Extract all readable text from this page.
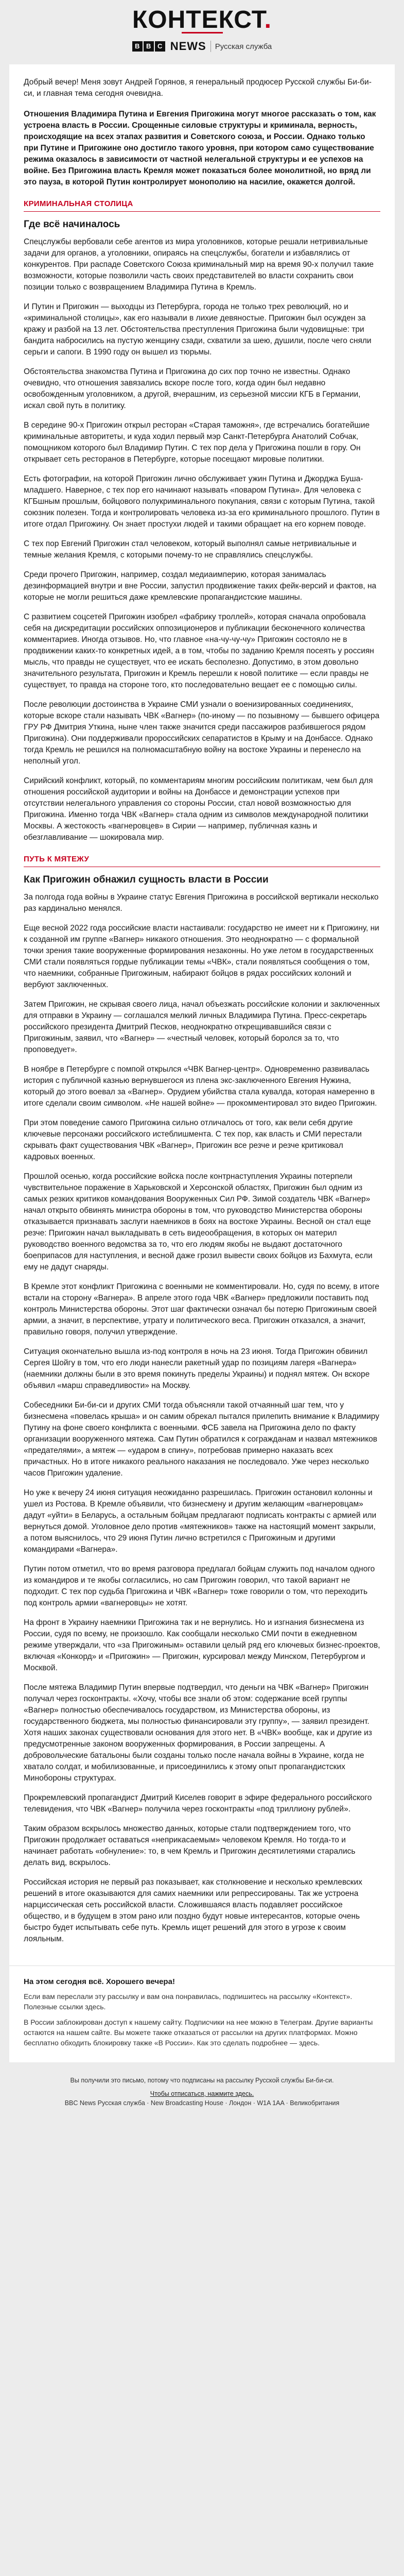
КОНТЕКСТ.
B B C NEWS Русская служба

Добрый вечер! Меня зовут Андрей Горянов, я генеральный продюсер Русской службы Би-би-си, и главная тема сегодня очевидна.

Отношения Владимира Путина и Евгения Пригожина могут многое рассказать о том, как устроена власть в России. Срощенные силовые структуры и криминала, верность, происходящие на всех этапах развития и Советского союза, и России. Однако только при Путине и Пригожине оно достигло такого уровня, при котором само существование режима оказалось в зависимости от частной нелегальной структуры и ее успехов на войне. Без Пригожина власть Кремля может показаться более монолитной, но вряд ли это пауза, в которой Путин контролирует монополию на насилие, окажется долгой.

КРИМИНАЛЬНАЯ СТОЛИЦА
Где всё начиналось

Спецслужбы вербовали себе агентов из мира уголовников, которые решали нетривиальные задачи для органов, а уголовники, опираясь на спецслужбы, богатели и избавлялись от конкурентов. При распаде Советского Союза криминальный мир на время 90-х получил такие возможности, которые позволили часть своих представителей во власти сохранить свои позиции только с возвращением Владимира Путина в Кремль.

И Путин и Пригожин — выходцы из Петербурга, города не только трех революций, но и «криминальной столицы», как его называли в лихие девяностые. Пригожин был осужден за кражу и разбой на 13 лет. Обстоятельства преступления Пригожина были чудовищные: три бандита набросились на пустую женщину сзади, схватили за шею, душили, после чего сняли серьги и сапоги. В 1990 году он вышел из тюрьмы.

Обстоятельства знакомства Путина и Пригожина до сих пор точно не известны. Однако очевидно, что отношения завязались вскоре после того, когда один был недавно освобожденным уголовником, а другой, вчерашним, из серьезной миссии КГБ в Германии, искал свой путь в политику.

В середине 90-х Пригожин открыл ресторан «Старая таможня», где встречались богатейшие криминальные авторитеты, и куда ходил первый мэр Санкт-Петербурга Анатолий Собчак, помощником которого был Владимир Путин. С тех пор дела у Пригожина пошли в гору. Он открывает сеть ресторанов в Петербурге, которые посещают мировые политики.

Есть фотографии, на которой Пригожин лично обслуживает ужин Путина и Джорджа Буша-младшего. Наверное, с тех пор его начинают называть «поваром Путина». Для человека с КГБшным прошлым, бойцового полукриминального покупания, связи с которым Путина, такой союзник полезен. Тогда и контролировать человека из-за его криминального прошлого. Путин в итоге отдал Пригожину. Он знает простухи людей и такими обращает на его корнем поводе.

С тех пор Евгений Пригожин стал человеком, который выполнял самые нетривиальные и темные желания Кремля, с которыми почему-то не справлялись спецслужбы.

Среди прочего Пригожин, например, создал медиаимперию, которая занималась дезинформацией внутри и вне России, запустил продвижение таких фейк-версий и фактов, на которые не могли решиться даже кремлевские пропагандистские машины.

С развитием соцсетей Пригожин изобрел «фабрику троллей», которая сначала опробовала себя на дискредитации российских оппозиционеров и публикации бесконечного количества комментариев. Иногда отзывов. Но, что главное «на-чу-чу-чу» Пригожин состояло не в продвижении каких-то конкретных идей, а в том, чтобы по заданию Кремля посеять у россиян мысль, что правды не существует, что ее искать бесполезно. Допустимо, в этом довольно значительного результата, Пригожин и Кремль перешли к новой политике — если правды не существует, то правда на стороне того, кто последовательно вещает ее с помощью силы.

После революции достоинства в Украине СМИ узнали о военизированных соединениях, которые вскоре стали называть ЧВК «Вагнер» (по-иному — по позывному — бывшего офицера ГРУ РФ Дмитрия Уткина, ныне член также значится среди пассажиров разбившегося рядом Пригожина). Они поддерживали пророссийских сепаратистов в Крыму и на Донбассе. Однако тогда Кремль не решился на полномасштабную войну на востоке Украины и перенесло на неполный угол.

Сирийский конфликт, который, по комментариям многим российским политикам, чем был для отношения российской аудитории и войны на Донбассе и демонстрации успехов при отсутствии нелегального управления со стороны России, стал новой возможностью для Пригожина. Именно тогда ЧВК «Вагнер» стала одним из символов международной политики Москвы. А жестокость «вагнеровцев» в Сирии — например, публичная казнь и обезглавливание — шокировала мир.

ПУТЬ К МЯТЕЖУ
Как Пригожин обнажил сущность власти в России

За полгода года войны в Украине статус Евгения Пригожина в российской вертикали несколько раз кардинально менялся.

Еще весной 2022 года российские власти настаивали: государство не имеет ни к Пригожину, ни к созданной им группе «Вагнер» никакого отношения. Это неоднократно — с формальной точки зрения такие вооруженные формирования незаконны. Но уже летом в государственных СМИ стали появляться гордые публикации темы «ЧВК», стали появляться сообщения о том, что наемники, собранные Пригожиным, набирают бойцов в рядах российских колоний и вербуют заключенных.

Затем Пригожин, не скрывая своего лица, начал объезжать российские колонии и заключенных для отправки в Украину — соглашался мелкий личных Владимира Путина. Пресс-секретарь российского президента Дмитрий Песков, неоднократно открещивавшийся связи с Пригожиным, заявил, что «Вагнер» — «честный человек, который боролся за то, что проповедует».

В ноябре в Петербурге с помпой открылся «ЧВК Вагнер-центр». Одновременно развивалась история с публичной казнью вернувшегося из плена экс-заключенного Евгения Нужина, который до этого воевал за «Вагнер». Орудием убийства стала кувалда, которая намеренно в итоге сделали своим символом. «Не нашей войне» — прокомментировал это видео Пригожин.

При этом поведение самого Пригожина сильно отличалось от того, как вели себя другие ключевые персонажи российского истеблишмента. С тех пор, как власть и СМИ перестали скрывать факт существования ЧВК «Вагнер», Пригожин все резче и резче критиковал кадровых военных.

Прошлой осенью, когда российские войска после контрнаступления Украины потерпели чувствительное поражение в Харьковской и Херсонской областях, Пригожин был одним из самых резких критиков командования Вооруженных Сил РФ. Зимой создатель ЧВК «Вагнер» начал открыто обвинять министра обороны в том, что руководство Министерства обороны отказывается признавать заслуги наемников в боях на востоке Украины. Весной он стал еще резче: Пригожин начал выкладывать в сеть видеообращения, в которых он материл руководство военного ведомства за то, что его людям якобы не выдают достаточного боеприпасов для наступления, и весной даже грозил вывести своих бойцов из Бахмута, если ему не дадут снаряды.

В Кремле этот конфликт Пригожина с военными не комментировали. Но, судя по всему, в итоге встали на сторону «Вагнера». В апреле этого года ЧВК «Вагнер» предложили поставить под контроль Министерства обороны. Этот шаг фактически означал бы потерю Пригожиным своей армии, а значит, в перспективе, утрату и политического веса. Пригожин отказался, а значит, правильно говоря, получил утверждение.

Ситуация окончательно вышла из-под контроля в ночь на 23 июня. Тогда Пригожин обвинил Сергея Шойгу в том, что его люди нанесли ракетный удар по позициям лагеря «Вагнера» (наемники должны были в это время покинуть пределы Украины) и поднял мятеж. Он вскоре объявил «марш справедливости» на Москву.

Собеседники Би-би-си и других СМИ тогда объясняли такой отчаянный шаг тем, что у бизнесмена «повелась крыша» и он самим обрекал пытался прилепить внимание к Владимиру Путину на фоне своего конфликта с военными. ФСБ завела на Пригожина дело по факту организации вооруженного мятежа. Сам Путин обратился к согражданам и назвал мятежников «предателями», а мятеж — «ударом в спину», потребовав примерно наказать всех причастных. Но в итоге никакого реального наказания не последовало. Уже через несколько часов Пригожин удаление.

Но уже к вечеру 24 июня ситуация неожиданно разрешилась. Пригожин остановил колонны и ушел из Ростова. В Кремле объявили, что бизнесмену и другим желающим «вагнеровцам» дадут «уйти» в Беларусь, а остальным бойцам предлагают подписать контракты с армией или вернуться домой. Уголовное дело против «мятежников» также на настоящий момент закрыли, а потом выяснилось, что 29 июня Путин лично встретился с Пригожиным и другими командирами «Вагнера».

Путин потом отметил, что во время разговора предлагал бойцам служить под началом одного из командиров и те якобы согласились, но сам Пригожин говорил, что такой вариант не подходит. С тех пор судьба Пригожина и ЧВК «Вагнер» тоже говорили о том, что переходить под контроль армии «вагнеровцы» не хотят.

На фронт в Украину наемники Пригожина так и не вернулись. Но и изгнания бизнесмена из России, судя по всему, не произошло. Как сообщали несколько СМИ почти в ежедневном режиме утверждали, что «за Пригожиным» оставили целый ряд его ключевых бизнес-проектов, включая «Конкорд» и «Пригожин» — Пригожин, курсировал между Минском, Петербургом и Москвой.

После мятежа Владимир Путин впервые подтвердил, что деньги на ЧВК «Вагнер» Пригожин получал через госконтракты. «Хочу, чтобы все знали об этом: содержание всей группы «Вагнер» полностью обеспечивалось государством, из Министерства обороны, из государственного бюджета, мы полностью финансировали эту группу», — заявил президент. Хотя наших законах существовали основания для этого нет. В «ЧВК» вообще, как и другие из предусмотренные законом вооруженных формирования, в России запрещены. А добровольческие батальоны были созданы только после начала войны в Украине, когда не хватало солдат, и мобилизованные, и присоединились к этому опыт пропагандистских Минобороны структурах.

Прокремлевский пропагандист Дмитрий Киселев говорит в эфире федерального российского телевидения, что ЧВК «Вагнер» получила через госконтракты «под триллиону рублей».

Таким образом вскрылось множество данных, которые стали подтверждением того, что Пригожин продолжает оставаться «неприкасаемым» человеком Кремля. Но тогда-то и начинает работать «обнуление»: то, в чем Кремль и Пригожин десятилетиями старались делать вид, вскрылось.

Российская история не первый раз показывает, как столкновение и несколько кремлевских решений в итоге оказываются для самих наемники или репрессированы. Так же устроена нарциссическая сеть российской власти. Сложившаяся власть подавляет российское общество, и в будущем в этом рано или поздно будут новые интересантов, которые очень быстро будет испытывать себе путь. Кремль ищет решений для этого в угрозе к своим лояльным.

На этом сегодня всё. Хорошего вечера!

Если вам переслали эту рассылку и вам она понравилась, подпишитесь на рассылку «Контекст». Полезные ссылки здесь.

В России заблокирован доступ к нашему сайту. Подписчики на нее можно в Телеграм. Другие варианты остаются на нашем сайте. Вы можете также отказаться от рассылки на других платформах. Можно бесплатно обходить блокировку также «В России». Как это сделать подробнее — здесь.

Вы получили это письмо, потому что подписаны на рассылку Русской службы Би-би-си.

Чтобы отписаться, нажмите здесь.

BBC News Русская служба · New Broadcasting House · Лондон · W1A 1AA · Великобритания
